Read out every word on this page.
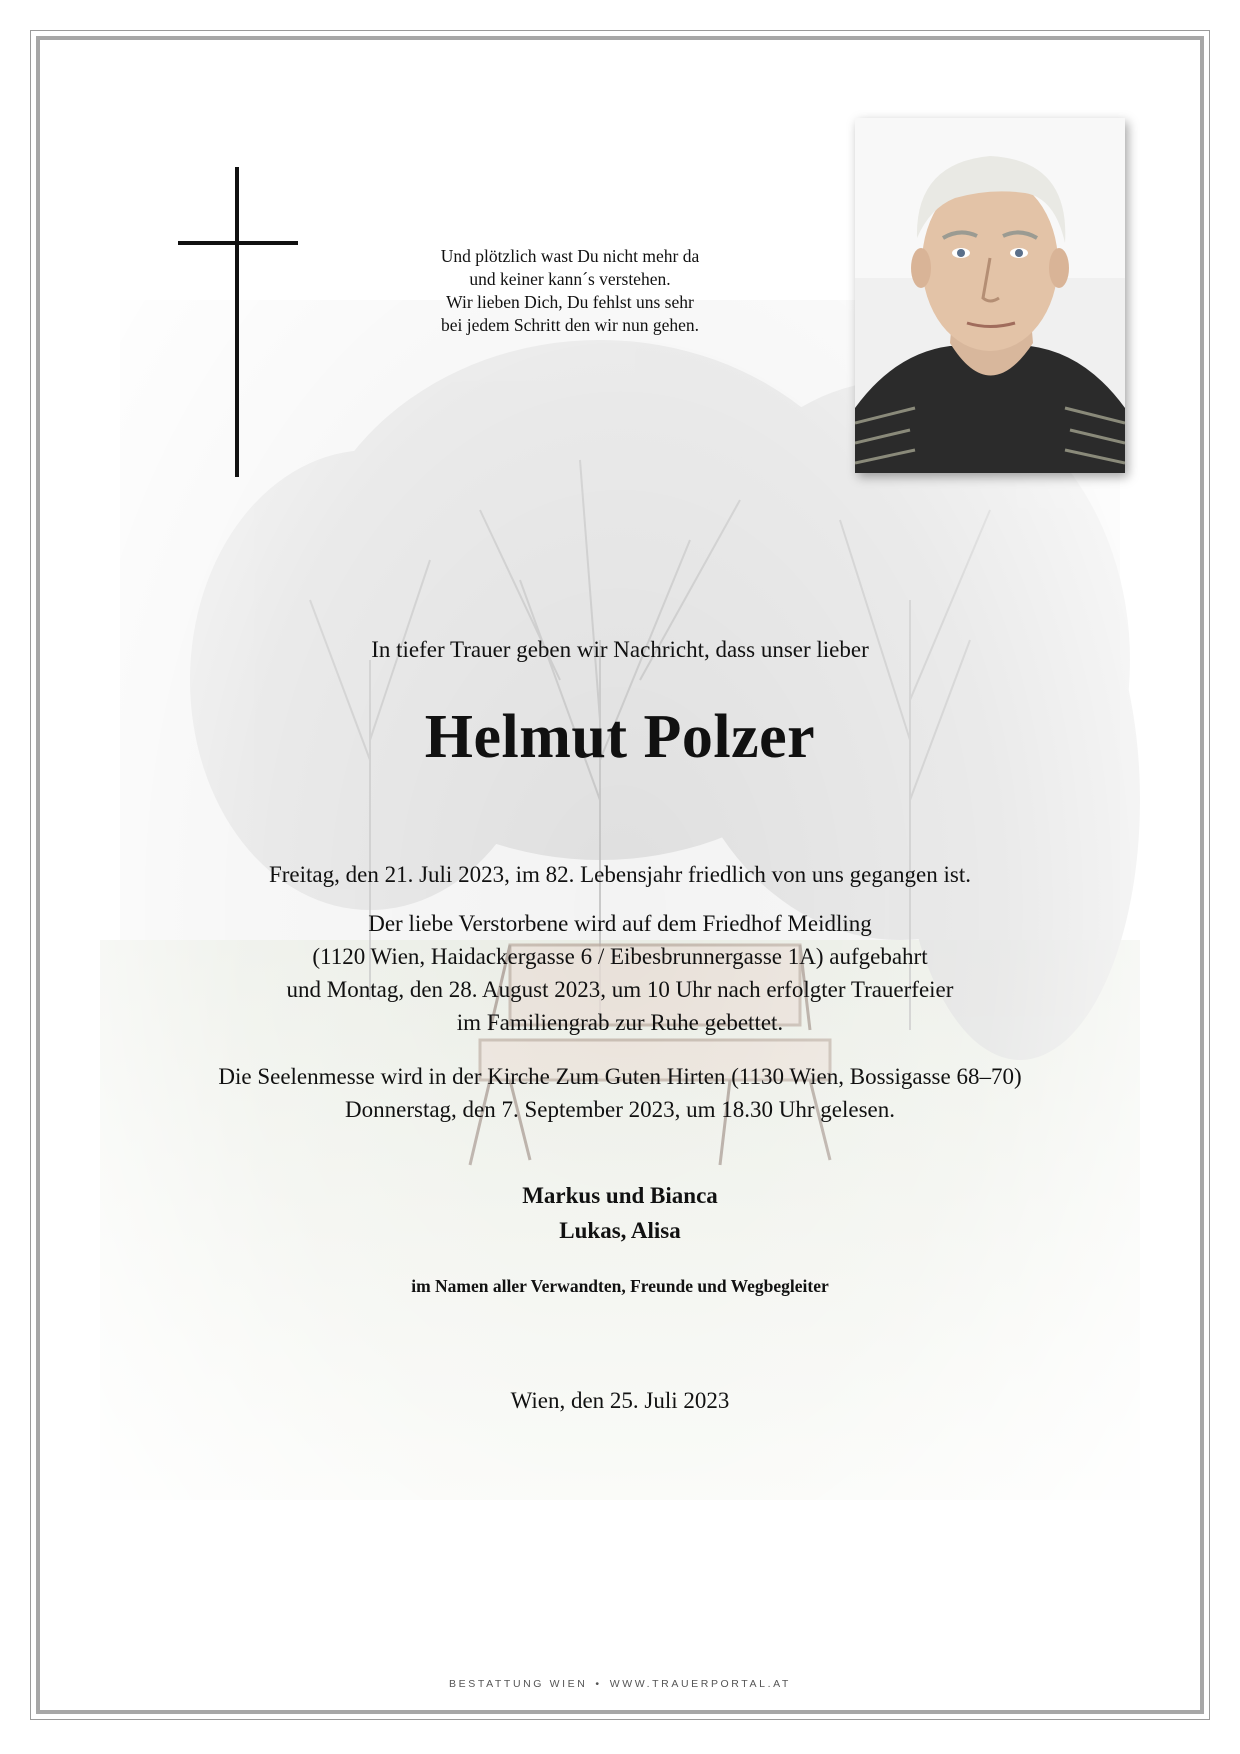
Und plötzlich wast Du nicht mehr da
und keiner kann´s verstehen.
Wir lieben Dich, Du fehlst uns sehr
bei jedem Schritt den wir nun gehen.
In tiefer Trauer geben wir Nachricht, dass unser lieber
Helmut Polzer
Freitag, den 21. Juli 2023, im 82. Lebensjahr friedlich von uns gegangen ist.
Der liebe Verstorbene wird auf dem Friedhof Meidling
(1120 Wien, Haidackergasse 6 / Eibesbrunnergasse 1A) aufgebahrt
und Montag, den 28. August 2023, um 10 Uhr nach erfolgter Trauerfeier
im Familiengrab zur Ruhe gebettet.
Die Seelenmesse wird in der Kirche Zum Guten Hirten (1130 Wien, Bossigasse 68–70)
Donnerstag, den 7. September 2023, um 18.30 Uhr gelesen.
Markus und Bianca
Lukas, Alisa
im Namen aller Verwandten, Freunde und Wegbegleiter
Wien, den 25. Juli 2023
BESTATTUNG WIEN • WWW.TRAUERPORTAL.AT
